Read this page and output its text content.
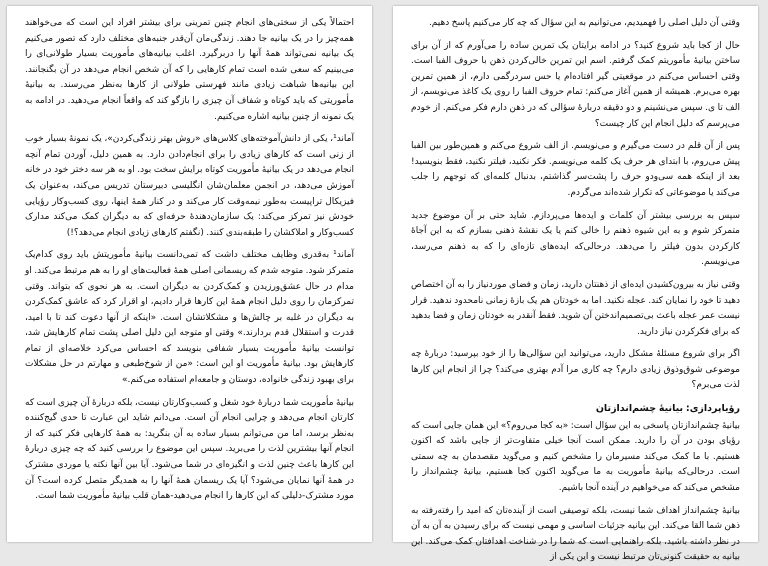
احتمالاً یکی از سختی‌های انجام چنین تمرینی برای بیشتر افراد این است که می‌خواهند همه‌چیز را در یک بیانیه جا دهند. زندگی‌مان آن‌قدر جنبه‌های مختلف دارد که تصور می‌کنیم یک بیانیه نمی‌تواند همهٔ آنها را دربرگیرد. اغلب بیانیه‌های مأموریت بسیار طولانی‌ای را می‌بینیم که سعی شده است تمام کارهایی را که آن شخص انجام می‌دهد در آن بگنجانند. این بیانیه‌ها شباهت زیادی مانند فهرستی طولانی از کارها به‌نظر می‌رسند. به بیانیهٔ مأموریتی که باید کوتاه و شفاف آن چیزی را بازگو کند که واقعاً انجام می‌دهید. در ادامه به یک نمونه از چنین بیانیه اشاره می‌کنیم.

آماند¹، یکی از دانش‌آموخته‌های کلاس‌های «روش بهتر زندگی‌کردن»، یک نمونهٔ بسیار خوب از زنی است که کارهای زیادی را برای انجام‌دادن دارد. به همین دلیل، آوردن تمام آنچه انجام می‌دهد در یک بیانیهٔ مأموریت کوتاه برایش سخت بود. او به هر سه دختر خود در خانه آموزش می‌دهد، در انجمن معلمان‌شان انگلیسی دبیرستان تدریس می‌کند، به‌عنوان یک فیزیکال تراپیست به‌طور نیمه‌وقت کار می‌کند و در کنار همهٔ اینها، روی کسب‌وکار رؤیایی خودش نیز تمرکز می‌کند: یک سازمان‌دهندهٔ حرفه‌ای که به دیگران کمک می‌کند مدارک کسب‌وکار و املاکشان را طبقه‌بندی کنند. (نگفتم کارهای زیادی انجام می‌دهد؟!)

آماند¹ به‌قدری وظایف مختلف داشت که تمی‌دانست بیانیهٔ مأموریتش باید روی کدام‌یک متمرکز شود. متوجه شدم که ریسمانی اصلی همهٔ فعالیت‌های او را به هم مرتبط می‌کند. او مدام در حال عشق‌ورزیدن و کمک‌کردن به دیگران است. به هر نحوی که بتواند. وقتی تمرکزمان را روی دلیل انجام همهٔ این کارها قرار دادیم، او اقرار کرد که عاشق کمک‌کردن به دیگران در غلبه بر چالش‌ها و مشکلاتشان است. «اینکه از آنها دعوت کند تا با امید، قدرت و استقلال قدم بردارند.» وقتی او متوجه این دلیل اصلی پشت تمام کارهایش شد، توانست بیانیهٔ مأموریت بسیار شفافی بنویسد که احساس می‌کرد خلاصه‌ای از تمام کارهایش بود. بیانیهٔ مأموریت او این است: «من از شوخ‌طبعی و مهارتم در حل مشکلات برای بهبود زندگی خانواده، دوستان و جامعه‌ام استفاده می‌کنم.»

بیانیهٔ مأموریت شما دربارهٔ خود شغل و کسب‌وکارتان نیست، بلکه دربارهٔ آن چیزی است که کارتان انجام می‌دهد و چرایی انجام آن است. می‌دانم شاید این عبارت تا حدی گیج‌کننده به‌نظر برسد، اما من می‌توانم بسیار ساده به آن بنگرید: به همهٔ کارهایی فکر کنید که از انجام آنها بیشترین لذت را می‌برید. سپس این موضوع را بررسی کنید که چه چیزی دربارهٔ این کارها باعث چنین لذت و انگیزه‌ای در شما می‌شود. آیا بین آنها نکته یا موردی مشترک در همهٔ آنها نمایان می‌شود؟ آیا یک ریسمان همهٔ آنها را به همدیگر متصل کرده است؟ آن مورد مشترک-دلیلی که این کارها را انجام می‌دهید-همان قلب بیانیهٔ مأموریت شما است.

وقتی آن دلیل اصلی را فهمیدیم، می‌توانیم به این سؤال که چه کار می‌کنیم پاسخ دهیم.

حال از کجا باید شروع کنید؟ در ادامه برایتان یک تمرین ساده را می‌آورم که از آن برای ساختن بیانیهٔ مأموریتم کمک گرفتم. اسم این تمرین خالی‌کردن ذهن با حروف الفبا است. وقتی احساس می‌کنم در موقعیتی گیر افتاده‌ام یا حس سردرگمی دارم، از همین تمرین بهره می‌برم. همیشه از همین آغاز می‌کنم: تمام حروف الفبا را روی یک کاغذ می‌نویسم، از الف تا ی. سپس می‌نشینم و دو دقیقه دربارهٔ سؤالی که در ذهن دارم فکر می‌کنم. از خودم می‌پرسم که دلیل انجام این کار چیست؟

پس از آن قلم در دست می‌گیرم و می‌نویسم. از الف شروع می‌کنم و همین‌طور بین الفبا پیش می‌روم، با ابتدای هر حرف یک کلمه می‌نویسم. فکر نکنید، فیلتر نکنید، فقط بنویسید! بعد از اینکه همه سی‌ودو حرف را پشت‌سر گذاشتم، بدنبال کلمه‌ای که توجهم را جلب می‌کند یا موضوعاتی که تکرار شده‌اند می‌گردم.

سپس به بررسی بیشتر آن کلمات و ایده‌ها می‌پردازم. شاید حتی بر آن موضوع جدید متمرکز شوم و به این شیوه ذهنم را خالی کنم یا یک نقشهٔ ذهنی بسازم که به این آجاهٔ کارکردن بدون فیلتر را می‌دهد. درحالی‌که ایده‌های تازه‌ای را که به ذهنم می‌رسد، می‌نویسم.

وقتی نیاز به بیرون‌کشیدن ایده‌ای از ذهنتان دارید، زمان و فضای موردنیاز را به آن اختصاص دهید تا خود را نمایان کند. عجله نکنید. اما به خودتان هم یک بازهٔ زمانی نامحدود ندهید. قرار نیست عمر عجله باعث بی‌تصمیم‌اندختن آن شوید. فقط آنقدر به خودتان زمان و فضا بدهید که برای فکرکردن نیاز دارید.

اگر برای شروع مسئلهٔ مشکل دارید، می‌توانید این سؤالی‌ها را از خود بپرسید: دربارهٔ چه موضوعی شوق‌وذوق زیادی دارم؟ چه کاری مرا آدم بهتری می‌کند؟ چرا از انجام این کارها لذت می‌برم؟

رؤیاپردازی: بیانیهٔ چشم‌اندازتان

بیانیهٔ چشم‌اندازتان پاسخی به این سؤال است: «به کجا می‌روم؟» این همان جایی است که رؤیای بودن در آن را دارید. ممکن است آنجا خیلی متفاوت‌تر از جایی باشد که اکنون هستیم. با ما کمک می‌کند مسیرمان را مشخص کنیم و می‌گوید مقصدمان به چه سمتی است. درحالی‌که بیانیهٔ مأموریت به ما می‌گوید اکنون کجا هستیم، بیانیهٔ چشم‌انداز را مشخص می‌کند که می‌خواهیم در آینده آنجا باشیم.

بیانیهٔ چشم‌انداز اهداف شما نیست، بلکه توصیفی است از آینده‌تان که امید را رفته‌رفته به ذهن شما القا می‌کند. این بیانیه جزئیات اساسی و مهمی نیست که برای رسیدن به آن به آن در نظر داشته باشید، بلکه راهنمایی است که شما را در شناخت اهدافتان کمک می‌کند. این بیانیه به حقیقت کنونی‌تان مرتبط نیست و این یکی از
